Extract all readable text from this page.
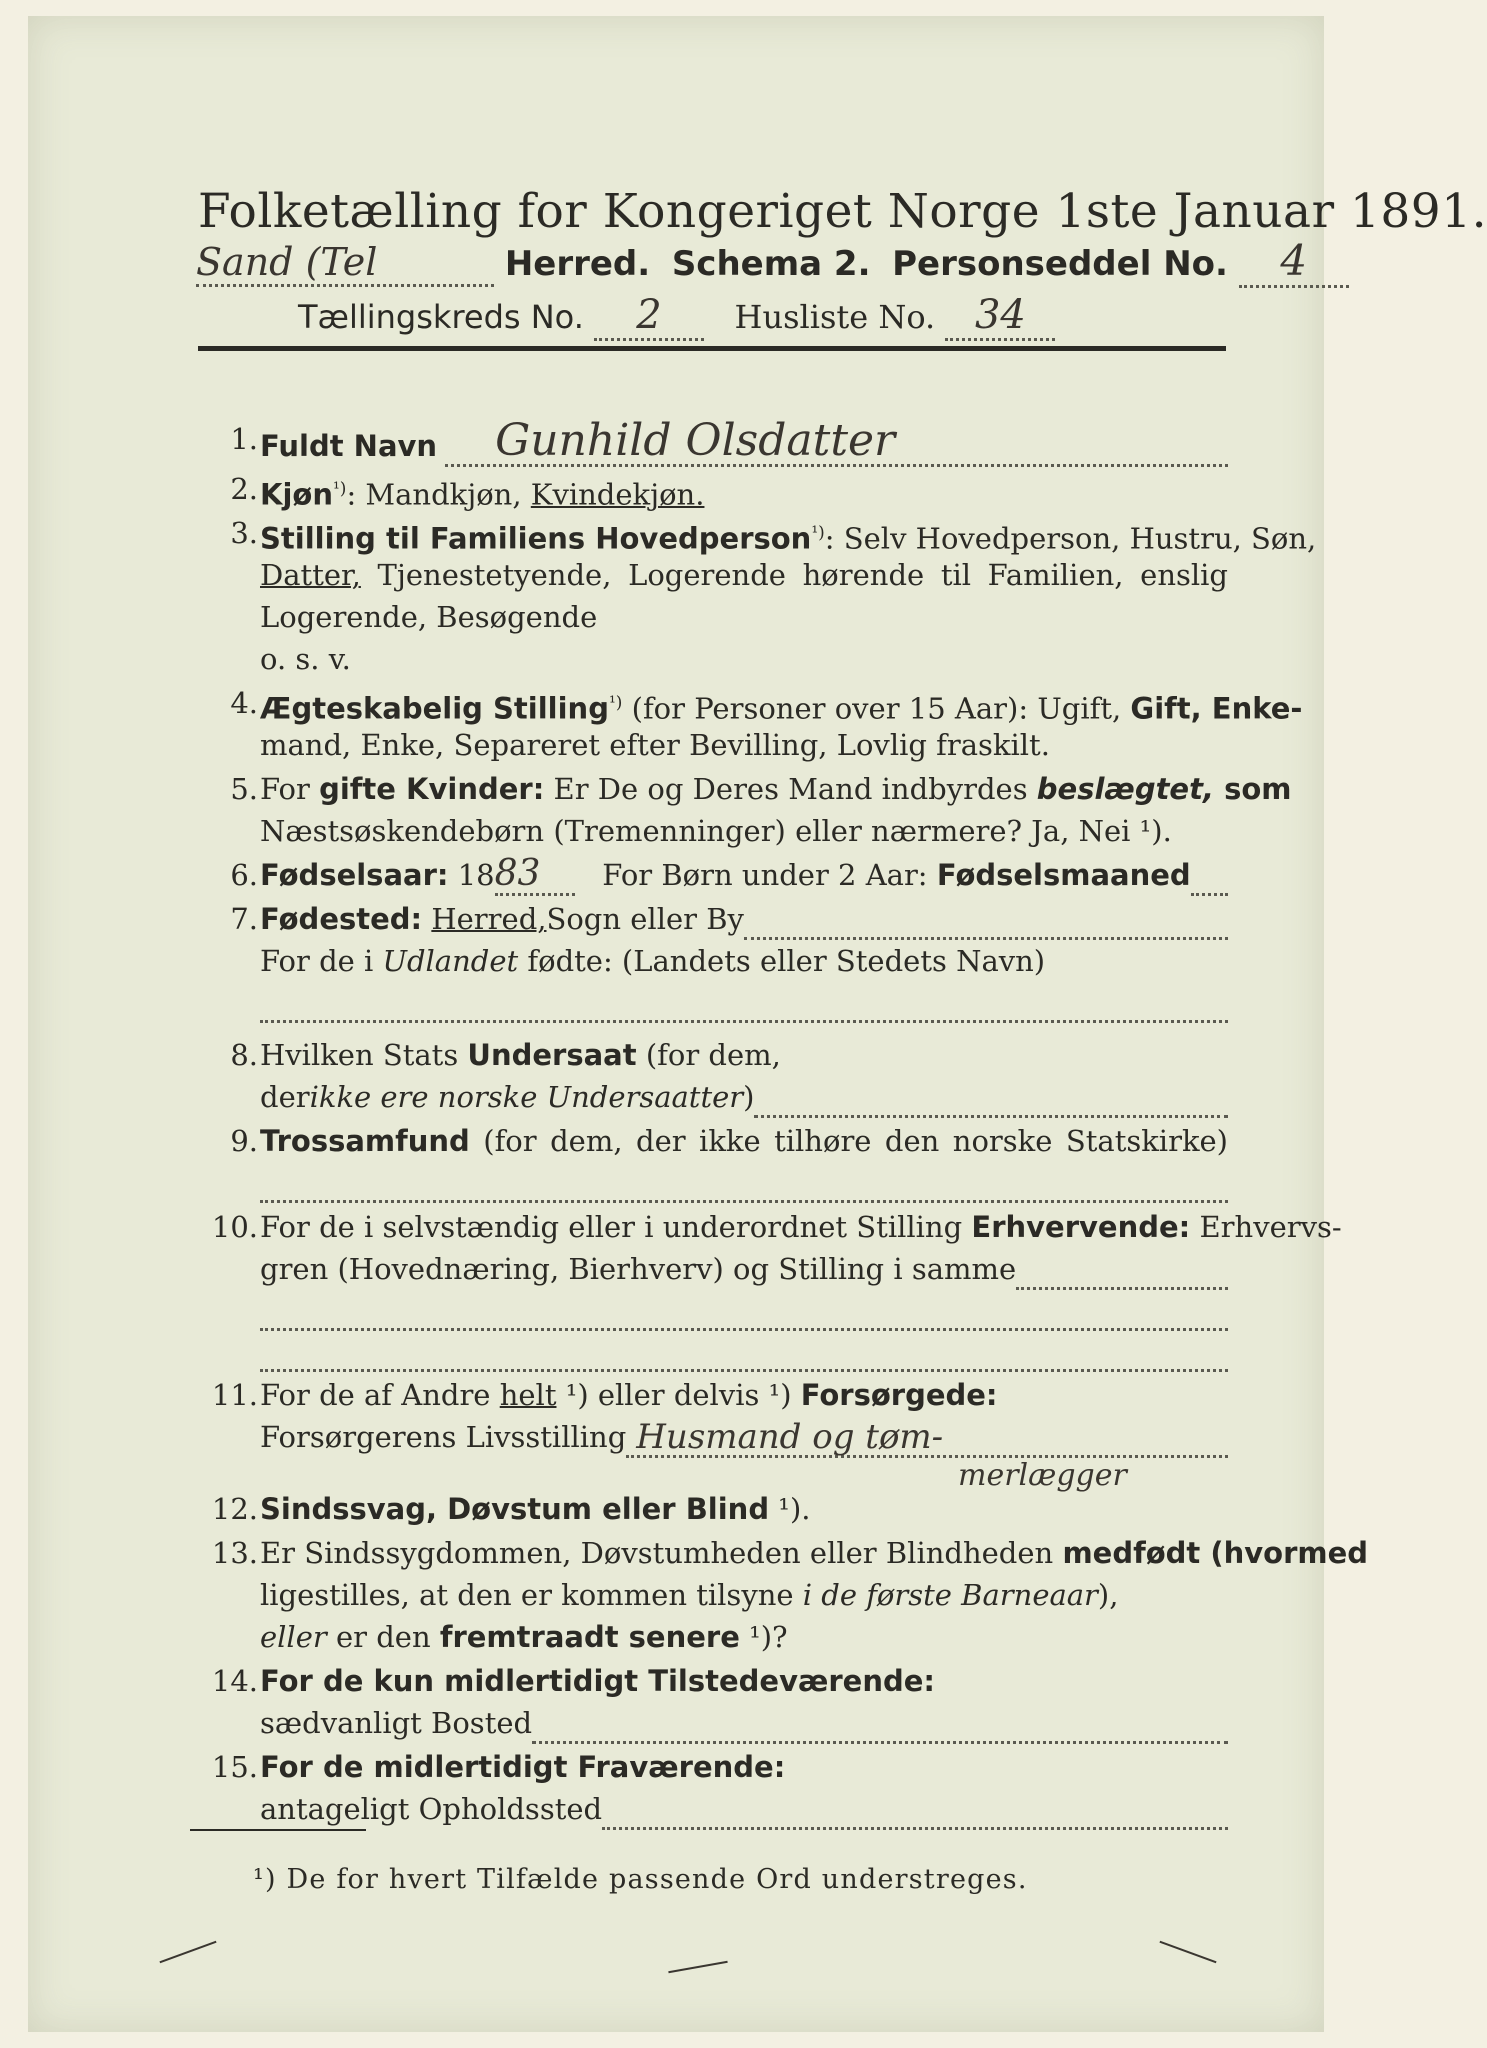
Folketælling for Kongeriget Norge 1ste Januar 1891.
Sand (Tel	Herred. Schema 2. Personseddel No. 4
Tællingskreds No. 2 Husliste No. 34
1. Fuldt Navn	Gunhild Olsdatter
2. Kjøn$^{^1)}$: Mandkjøn, Kvindekjøn.
3. Stilling til Familiens Hovedperson$^{^1)}$: Selv Hovedperson, Hustru, Søn,
Datter, Tjenestetyende, Logerende hørende til Familien, enslig
Logerende, Besøgende
o. s. v.
4. Ægteskabelig Stilling$^{^1)}$ (for Personer over 15 Aar): Ugift, Gift, Enke-
mand, Enke, Separeret efter Bevilling, Lovlig fraskilt.
5. For gifte Kvinder: Er De og Deres Mand indbyrdes beslægtet, som
Næstsøskendebørn (Tremenninger) eller nærmere? Ja, Nei ¹).
6. Fødselsaar:
18 83
	For Børn under 2 Aar:
Fødselsmaaned
7. Fødested:
Herred, Sogn eller By
For de i Udlandet fødte: (Landets eller Stedets Navn)
8. Hvilken Stats Undersaat (for dem,
der ikke ere norske Undersaatter )
9. Trossamfund (for dem, der ikke tilhøre den norske Statskirke)
10. For de i selvstændig eller i underordnet Stilling Erhvervende: Erhvervs-
gren (Hovednæring, Bierhverv) og Stilling i samme
11. For de af Andre helt ¹) eller delvis ¹) Forsørgede:
Forsørgerens Livsstilling Husmand og tøm-
merlægger
12. Sindssvag, Døvstum eller Blind ¹).
13. Er Sindssygdommen, Døvstumheden eller Blindheden medfødt (hvormed
ligestilles, at den er kommen tilsyne i de første Barneaar),
eller er den fremtraadt senere ¹)?
14. For de kun midlertidigt Tilstedeværende:
sædvanligt Bosted
15. For de midlertidigt Fraværende:
antageligt Opholdssted
¹) De for hvert Tilfælde passende Ord understreges.
